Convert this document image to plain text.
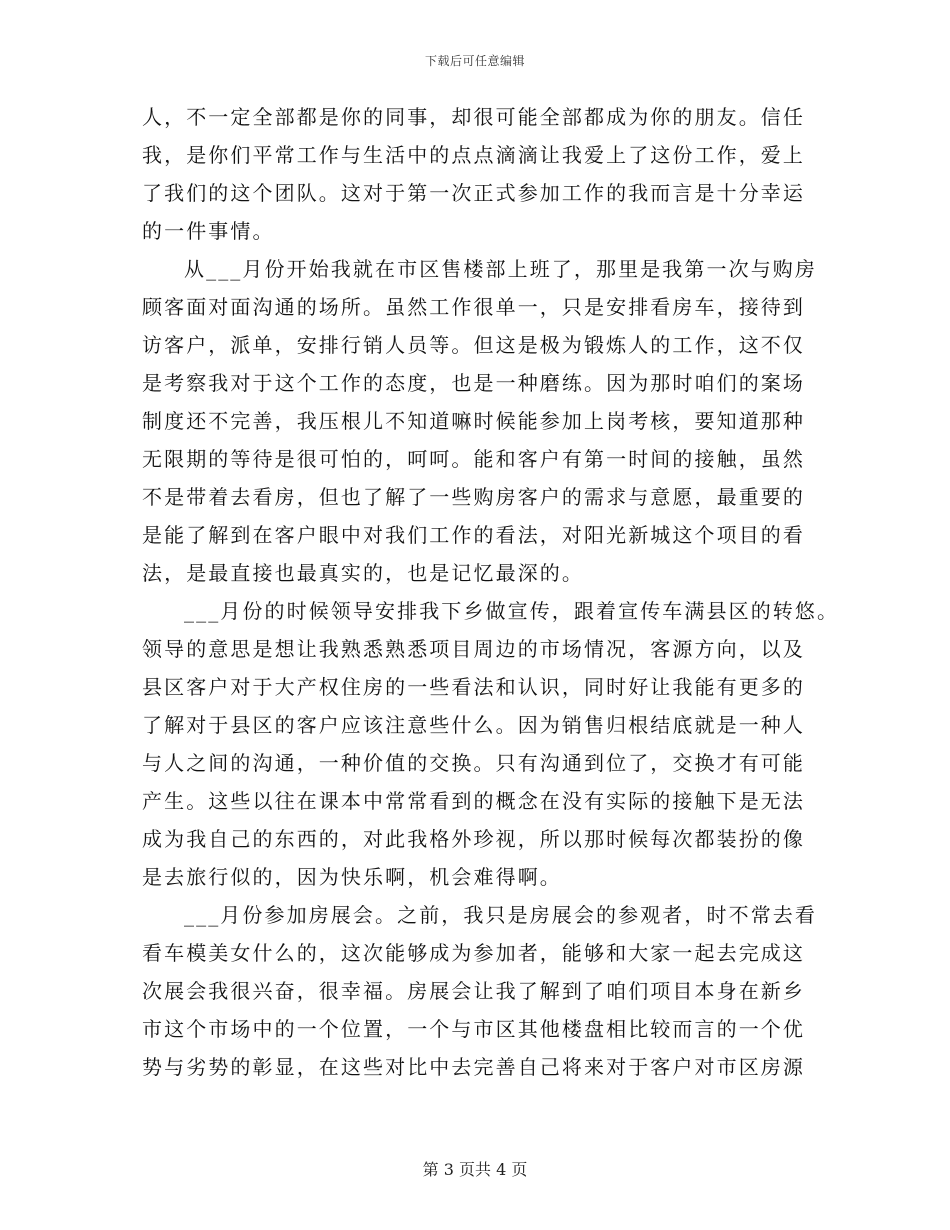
下载后可任意编辑
人，不一定全部都是你的同事，却很可能全部都成为你的朋友。信任
我，是你们平常工作与生活中的点点滴滴让我爱上了这份工作，爱上
了我们的这个团队。这对于第一次正式参加工作的我而言是十分幸运
的一件事情。
从___月份开始我就在市区售楼部上班了，那里是我第一次与购房
顾客面对面沟通的场所。虽然工作很单一，只是安排看房车，接待到
访客户，派单，安排行销人员等。但这是极为锻炼人的工作，这不仅
是考察我对于这个工作的态度，也是一种磨练。因为那时咱们的案场
制度还不完善，我压根儿不知道嘛时候能参加上岗考核，要知道那种
无限期的等待是很可怕的，呵呵。能和客户有第一时间的接触，虽然
不是带着去看房，但也了解了一些购房客户的需求与意愿，最重要的
是能了解到在客户眼中对我们工作的看法，对阳光新城这个项目的看
法，是最直接也最真实的，也是记忆最深的。
___月份的时候领导安排我下乡做宣传，跟着宣传车满县区的转悠。
领导的意思是想让我熟悉熟悉项目周边的市场情况，客源方向，以及
县区客户对于大产权住房的一些看法和认识，同时好让我能有更多的
了解对于县区的客户应该注意些什么。因为销售归根结底就是一种人
与人之间的沟通，一种价值的交换。只有沟通到位了，交换才有可能
产生。这些以往在课本中常常看到的概念在没有实际的接触下是无法
成为我自己的东西的，对此我格外珍视，所以那时候每次都装扮的像
是去旅行似的，因为快乐啊，机会难得啊。
___月份参加房展会。之前，我只是房展会的参观者，时不常去看
看车模美女什么的，这次能够成为参加者，能够和大家一起去完成这
次展会我很兴奋，很幸福。房展会让我了解到了咱们项目本身在新乡
市这个市场中的一个位置，一个与市区其他楼盘相比较而言的一个优
势与劣势的彰显，在这些对比中去完善自己将来对于客户对市区房源
第 3 页共 4 页
